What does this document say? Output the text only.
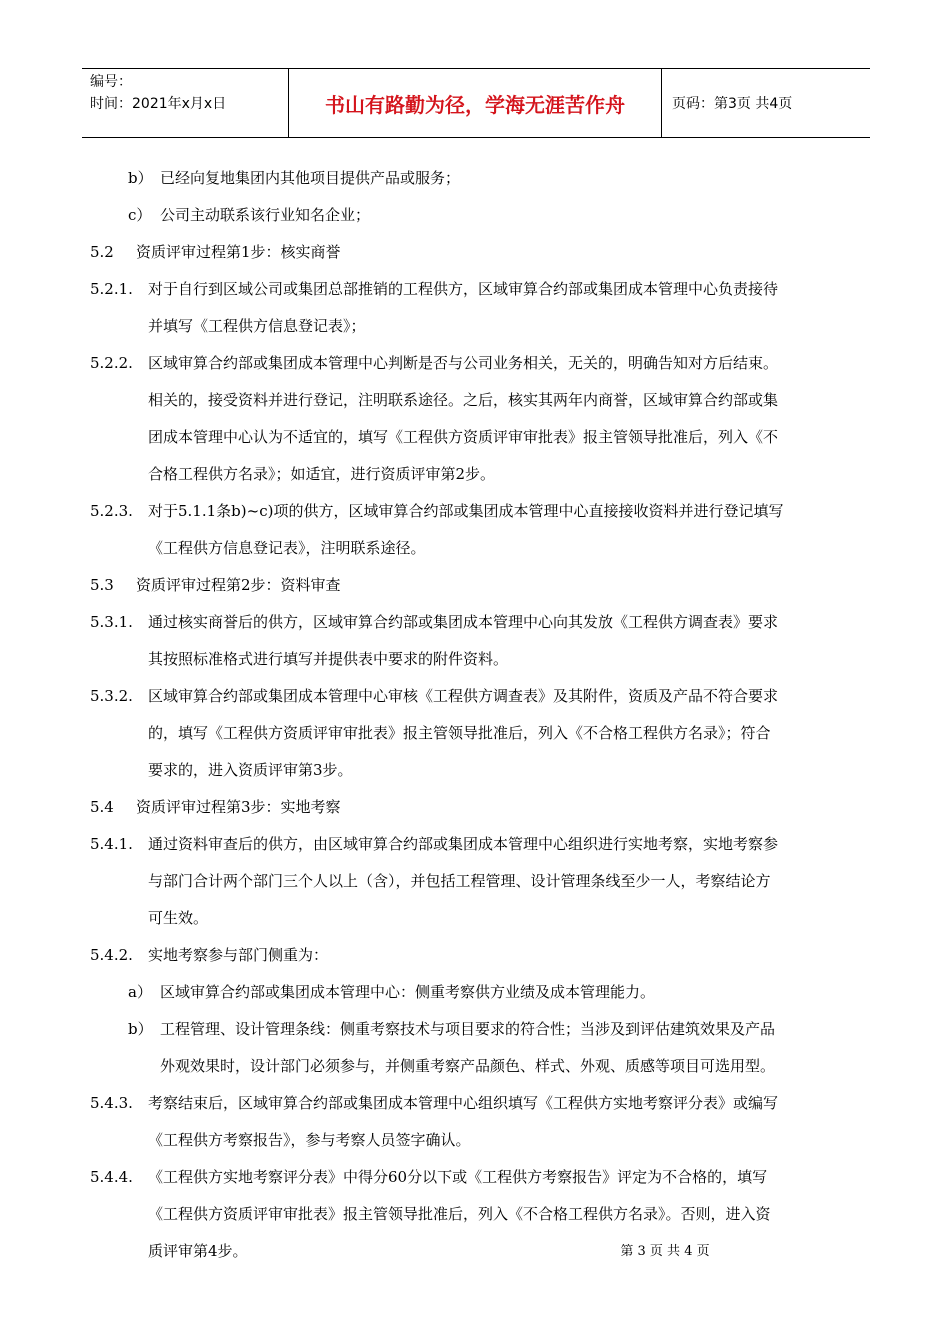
编号：
时间：2021年x月x日	书山有路勤为径，学海无涯苦作舟	页码：第3页 共4页
b） 已经向复地集团内其他项目提供产品或服务；
c） 公司主动联系该行业知名企业；
5.2 资质评审过程第1步：核实商誉
5.2.1. 对于自行到区域公司或集团总部推销的工程供方，区域审算合约部或集团成本管理中心负责接待
并填写《工程供方信息登记表》；
5.2.2. 区域审算合约部或集团成本管理中心判断是否与公司业务相关，无关的，明确告知对方后结束。
相关的，接受资料并进行登记，注明联系途径。之后，核实其两年内商誉，区域审算合约部或集
团成本管理中心认为不适宜的，填写《工程供方资质评审审批表》报主管领导批准后，列入《不
合格工程供方名录》；如适宜，进行资质评审第2步。
5.2.3. 对于5.1.1条b)~c)项的供方，区域审算合约部或集团成本管理中心直接接收资料并进行登记填写
《工程供方信息登记表》，注明联系途径。
5.3 资质评审过程第2步：资料审查
5.3.1. 通过核实商誉后的供方，区域审算合约部或集团成本管理中心向其发放《工程供方调查表》要求
其按照标准格式进行填写并提供表中要求的附件资料。
5.3.2. 区域审算合约部或集团成本管理中心审核《工程供方调查表》及其附件，资质及产品不符合要求
的，填写《工程供方资质评审审批表》报主管领导批准后，列入《不合格工程供方名录》；符合
要求的，进入资质评审第3步。
5.4 资质评审过程第3步：实地考察
5.4.1. 通过资料审查后的供方，由区域审算合约部或集团成本管理中心组织进行实地考察，实地考察参
与部门合计两个部门三个人以上（含），并包括工程管理、设计管理条线至少一人，考察结论方
可生效。
5.4.2. 实地考察参与部门侧重为：
a） 区域审算合约部或集团成本管理中心：侧重考察供方业绩及成本管理能力。
b） 工程管理、设计管理条线：侧重考察技术与项目要求的符合性；当涉及到评估建筑效果及产品
外观效果时，设计部门必须参与，并侧重考察产品颜色、样式、外观、质感等项目可选用型。
5.4.3. 考察结束后，区域审算合约部或集团成本管理中心组织填写《工程供方实地考察评分表》或编写
《工程供方考察报告》，参与考察人员签字确认。
5.4.4. 《工程供方实地考察评分表》中得分60分以下或《工程供方考察报告》评定为不合格的，填写
《工程供方资质评审审批表》报主管领导批准后，列入《不合格工程供方名录》。否则，进入资
质评审第4步。	第 3 页 共 4 页
